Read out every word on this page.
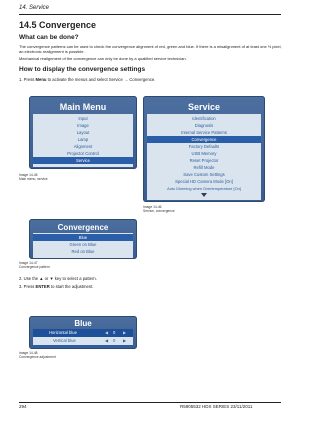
14. Service
14.5 Convergence
What can be done?
The convergence patterns can be used to check the convergence alignment of red, green and blue. If there is a misalignment of at least one ½ pixel, an electronic realignment is possible.
Mechanical realignment of the convergence can only be done by a qualified service technician.
How to display the convergence settings
1. Press Menu to activate the menus and select Service → Convergence.
Main Menu
Input
Image
Layout
Lamp
Alignment
Projector Control
Service
Image 14-45
Main menu, service
Service
Identification
Diagnosis
Internal Service Patterns
Convergence
Factory Defaults
USB Memory
Reset Projector
Refill Mode
Save Custom Settings
Special HD Camera Mode [On]
Auto Dimming when Overtemperature [On]
Image 14-46
Service, convergence
Convergence
Blue
Green on Blue
Red on Blue
Image 14-47
Convergence pattern
2. Use the ▲ or ▼ key to select a pattern.
3. Press ENTER to start the adjustment.
Blue
Horizontal blue	◀ 0 ▶
Vertical blue	◀ 0 ▶
Image 14-48
Convergence adjustment
294	R5905532 HDX SERIES 23/11/2011
